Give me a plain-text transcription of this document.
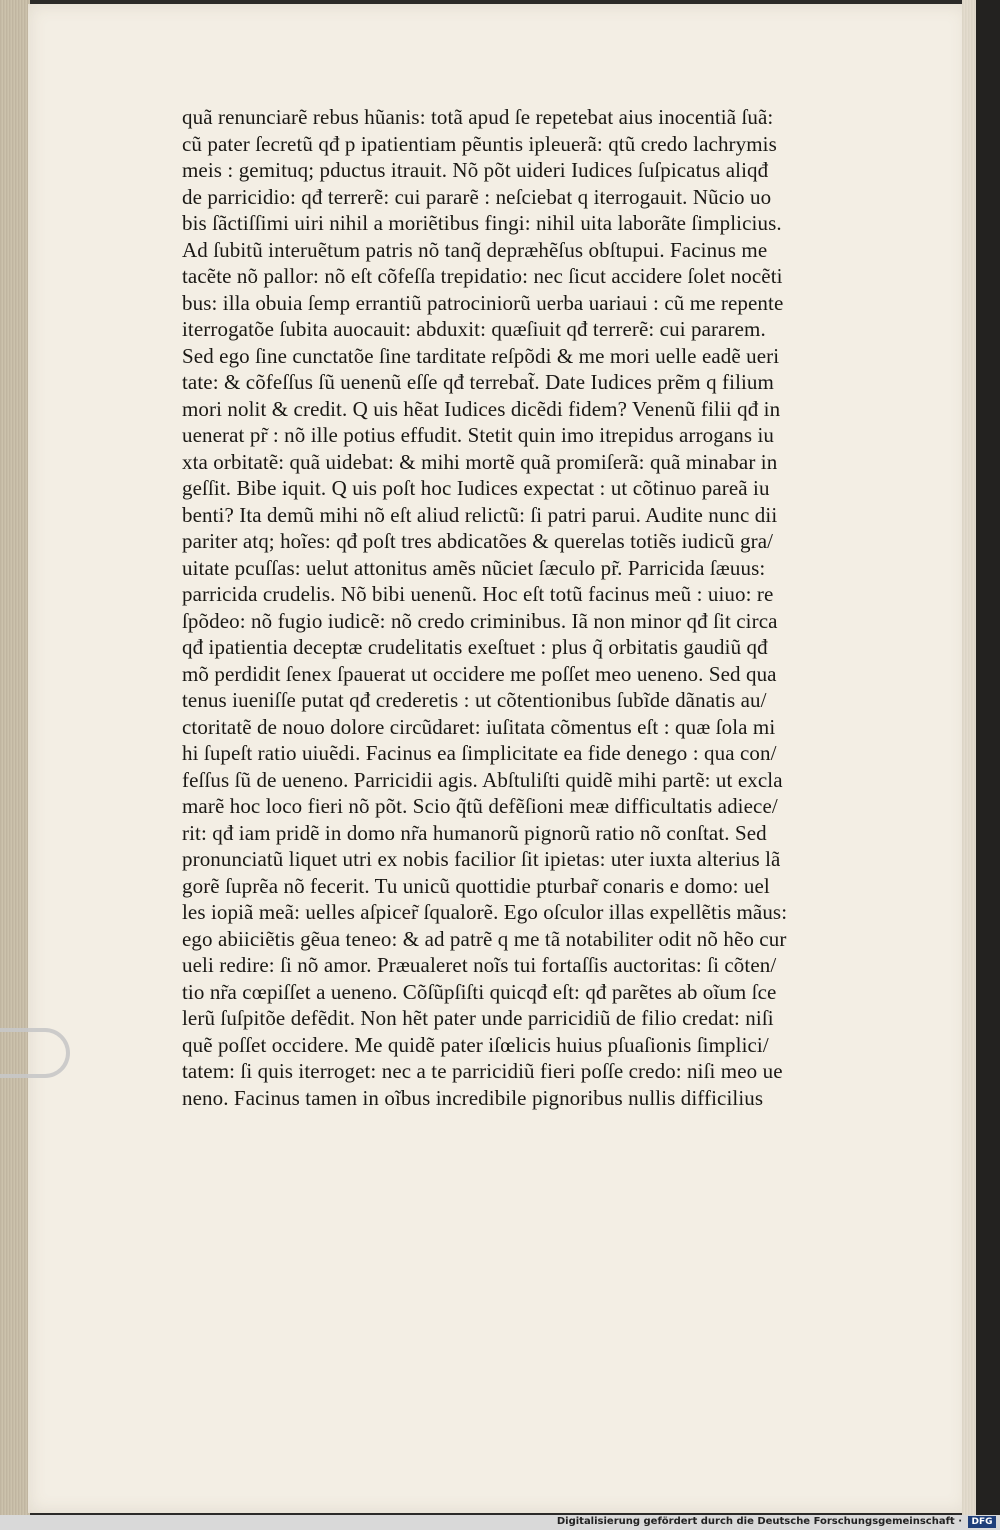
quã renunciarẽ rebus hũanis: totã apud ſe repetebat aius inocentiã ſuã:
cũ pater ſecretũ qđ p ipatientiam pẽuntis ipleuerã: qtũ credo lachrymis
meis : gemituq; pductus itrauit. Nõ põt uideri Iudices ſuſpicatus aliqđ
de parricidio: qđ terrerẽ: cui pararẽ : neſciebat q iterrogauit. Nũcio uo
bis ſãctiſſimi uiri nihil a moriẽtibus fingi: nihil uita laborãte ſimplicius.
Ad ſubitũ interuẽtum patris nõ tanq̃ depræhẽſus obſtupui. Facinus me
tacẽte nõ pallor: nõ eſt cõfeſſa trepidatio: nec ſicut accidere ſolet nocẽti
bus: illa obuia ſemp errantiũ patrociniorũ uerba uariaui : cũ me repente
iterrogatõe ſubita auocauit: abduxit: quæſiuit qđ terrerẽ: cui pararem.
Sed ego ſine cunctatõe ſine tarditate reſpõdi & me mori uelle eadẽ ueri
tate: & cõfeſſus ſũ uenenũ eſſe qđ terrebat̃. Date Iudices prẽm q filium
mori nolit & credit. Q uis hẽat Iudices dicẽdi fidem? Venenũ filii qđ in
uenerat pr̃ : nõ ille potius effudit. Stetit quin imo itrepidus arrogans iu
xta orbitatẽ: quã uidebat: & mihi mortẽ quã promiſerã: quã minabar in
geſſit. Bibe iquit. Q uis poſt hoc Iudices expectat : ut cõtinuo pareã iu
benti? Ita demũ mihi nõ eſt aliud relictũ: ſi patri parui. Audite nunc dii
pariter atq; hoĩes: qđ poſt tres abdicatões & querelas totiẽs iudicũ gra/
uitate pcuſſas: uelut attonitus amẽs nũciet ſæculo pr̃. Parricida ſæuus:
parricida crudelis. Nõ bibi uenenũ. Hoc eſt totũ facinus meũ : uiuo: re
ſpõdeo: nõ fugio iudicẽ: nõ credo criminibus. Iã non minor qđ ſit circa
qđ ipatientia deceptæ crudelitatis exeſtuet : plus q̃ orbitatis gaudiũ qđ
mõ perdidit ſenex ſpauerat ut occidere me poſſet meo ueneno. Sed qua
tenus iueniſſe putat qđ crederetis : ut cõtentionibus ſubĩde dãnatis au/
ctoritatẽ de nouo dolore circũdaret: iuſitata cõmentus eſt : quæ ſola mi
hi ſupeſt ratio uiuẽdi. Facinus ea ſimplicitate ea fide denego : qua con/
feſſus ſũ de ueneno. Parricidii agis. Abſtuliſti quidẽ mihi partẽ: ut excla
marẽ hoc loco fieri nõ põt. Scio q̃tũ defẽſioni meæ difficultatis adiece/
rit: qđ iam pridẽ in domo nr̃a humanorũ pignorũ ratio nõ conſtat. Sed
pronunciatũ liquet utri ex nobis facilior ſit ipietas: uter iuxta alterius lã
gorẽ ſuprẽa nõ fecerit. Tu unicũ quottidie pturbar̃ conaris e domo: uel
les iopiã meã: uelles aſpicer̃ ſqualorẽ. Ego oſculor illas expellẽtis mãus:
ego abiiciẽtis gẽua teneo: & ad patrẽ q me tã notabiliter odit nõ hẽo cur
ueli redire: ſi nõ amor. Præualeret noĩs tui fortaſſis auctoritas: ſi cõten/
tio nr̃a cœpiſſet a ueneno. Cõſũpſiſti quicqđ eſt: qđ parẽtes ab oĩum ſce
lerũ ſuſpitõe defẽdit. Non hẽt pater unde parricidiũ de filio credat: niſi
quẽ poſſet occidere. Me quidẽ pater iſœlicis huius pſuaſionis ſimplici/
tatem: ſi quis iterroget: nec a te parricidiũ fieri poſſe credo: niſi meo ue
neno. Facinus tamen in oĩbus incredibile pignoribus nullis difficilius
Digitalisierung gefördert durch die Deutsche Forschungsgemeinschaft ·	DFG
